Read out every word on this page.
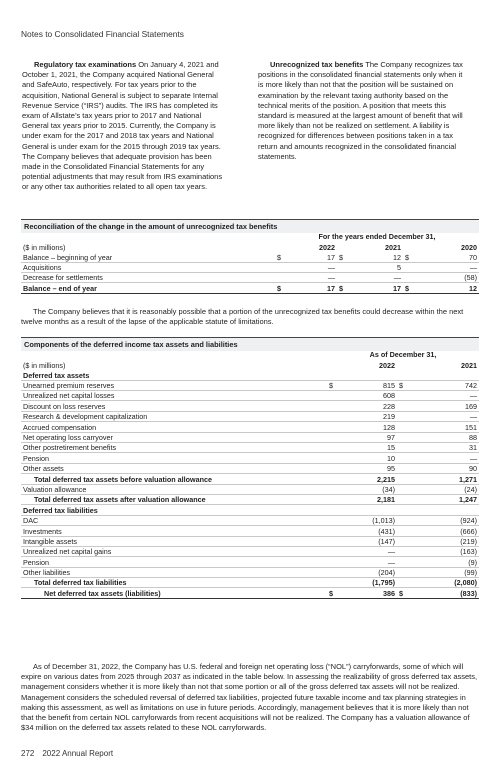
Notes to Consolidated Financial Statements
Regulatory tax examinations On January 4, 2021 and October 1, 2021, the Company acquired National General and SafeAuto, respectively. For tax years prior to the acquisition, National General is subject to separate Internal Revenue Service (“IRS”) audits. The IRS has completed its exam of Allstate’s tax years prior to 2017 and National General tax years prior to 2015. Currently, the Company is under exam for the 2017 and 2018 tax years and National General is under exam for the 2015 through 2019 tax years. The Company believes that adequate provision has been made in the Consolidated Financial Statements for any potential adjustments that may result from IRS examinations or any other tax authorities related to all open tax years.
Unrecognized tax benefits The Company recognizes tax positions in the consolidated financial statements only when it is more likely than not that the position will be sustained on examination by the relevant taxing authority based on the technical merits of the position. A position that meets this standard is measured at the largest amount of benefit that will more likely than not be realized on settlement. A liability is recognized for differences between positions taken in a tax return and amounts recognized in the consolidated financial statements.
Reconciliation of the change in the amount of unrecognized tax benefits
	For the years ended December 31,					
($ in millions)		2022		2021		2020
Balance – beginning of year	$	17	$	12	$	70
Acquisitions		—		5		—
Decrease for settlements		—		—		(58)
Balance – end of year	$	17	$	17	$	12
The Company believes that it is reasonably possible that a portion of the unrecognized tax benefits could decrease within the next twelve months as a result of the lapse of the applicable statute of limitations.
Components of the deferred income tax assets and liabilities
	As of December 31,			
($ in millions)		2022		2021
Deferred tax assets				
Unearned premium reserves	$	815	$	742
Unrealized net capital losses		608		—
Discount on loss reserves		228		169
Research & development capitalization		219		—
Accrued compensation		128		151
Net operating loss carryover		97		88
Other postretirement benefits		15		31
Pension		10		—
Other assets		95		90
Total deferred tax assets before valuation allowance		2,215		1,271
Valuation allowance		(34)		(24)
Total deferred tax assets after valuation allowance		2,181		1,247
Deferred tax liabilities				
DAC		(1,013)		(924)
Investments		(431)		(666)
Intangible assets		(147)		(219)
Unrealized net capital gains		—		(163)
Pension		—		(9)
Other liabilities		(204)		(99)
Total deferred tax liabilities		(1,795)		(2,080)
Net deferred tax assets (liabilities)	$	386	$	(833)
As of December 31, 2022, the Company has U.S. federal and foreign net operating loss (“NOL”) carryforwards, some of which will expire on various dates from 2025 through 2037 as indicated in the table below. In assessing the realizability of gross deferred tax assets, management considers whether it is more likely than not that some portion or all of the gross deferred tax assets will not be realized. Management considers the scheduled reversal of deferred tax liabilities, projected future taxable income and tax planning strategies in making this assessment, as well as limitations on use in future periods. Accordingly, management believes that it is more likely than not that the benefit from certain NOL carryforwards from recent acquisitions will not be realized. The Company has a valuation allowance of $34 million on the deferred tax assets related to these NOL carryforwards.
272 2022 Annual Report
